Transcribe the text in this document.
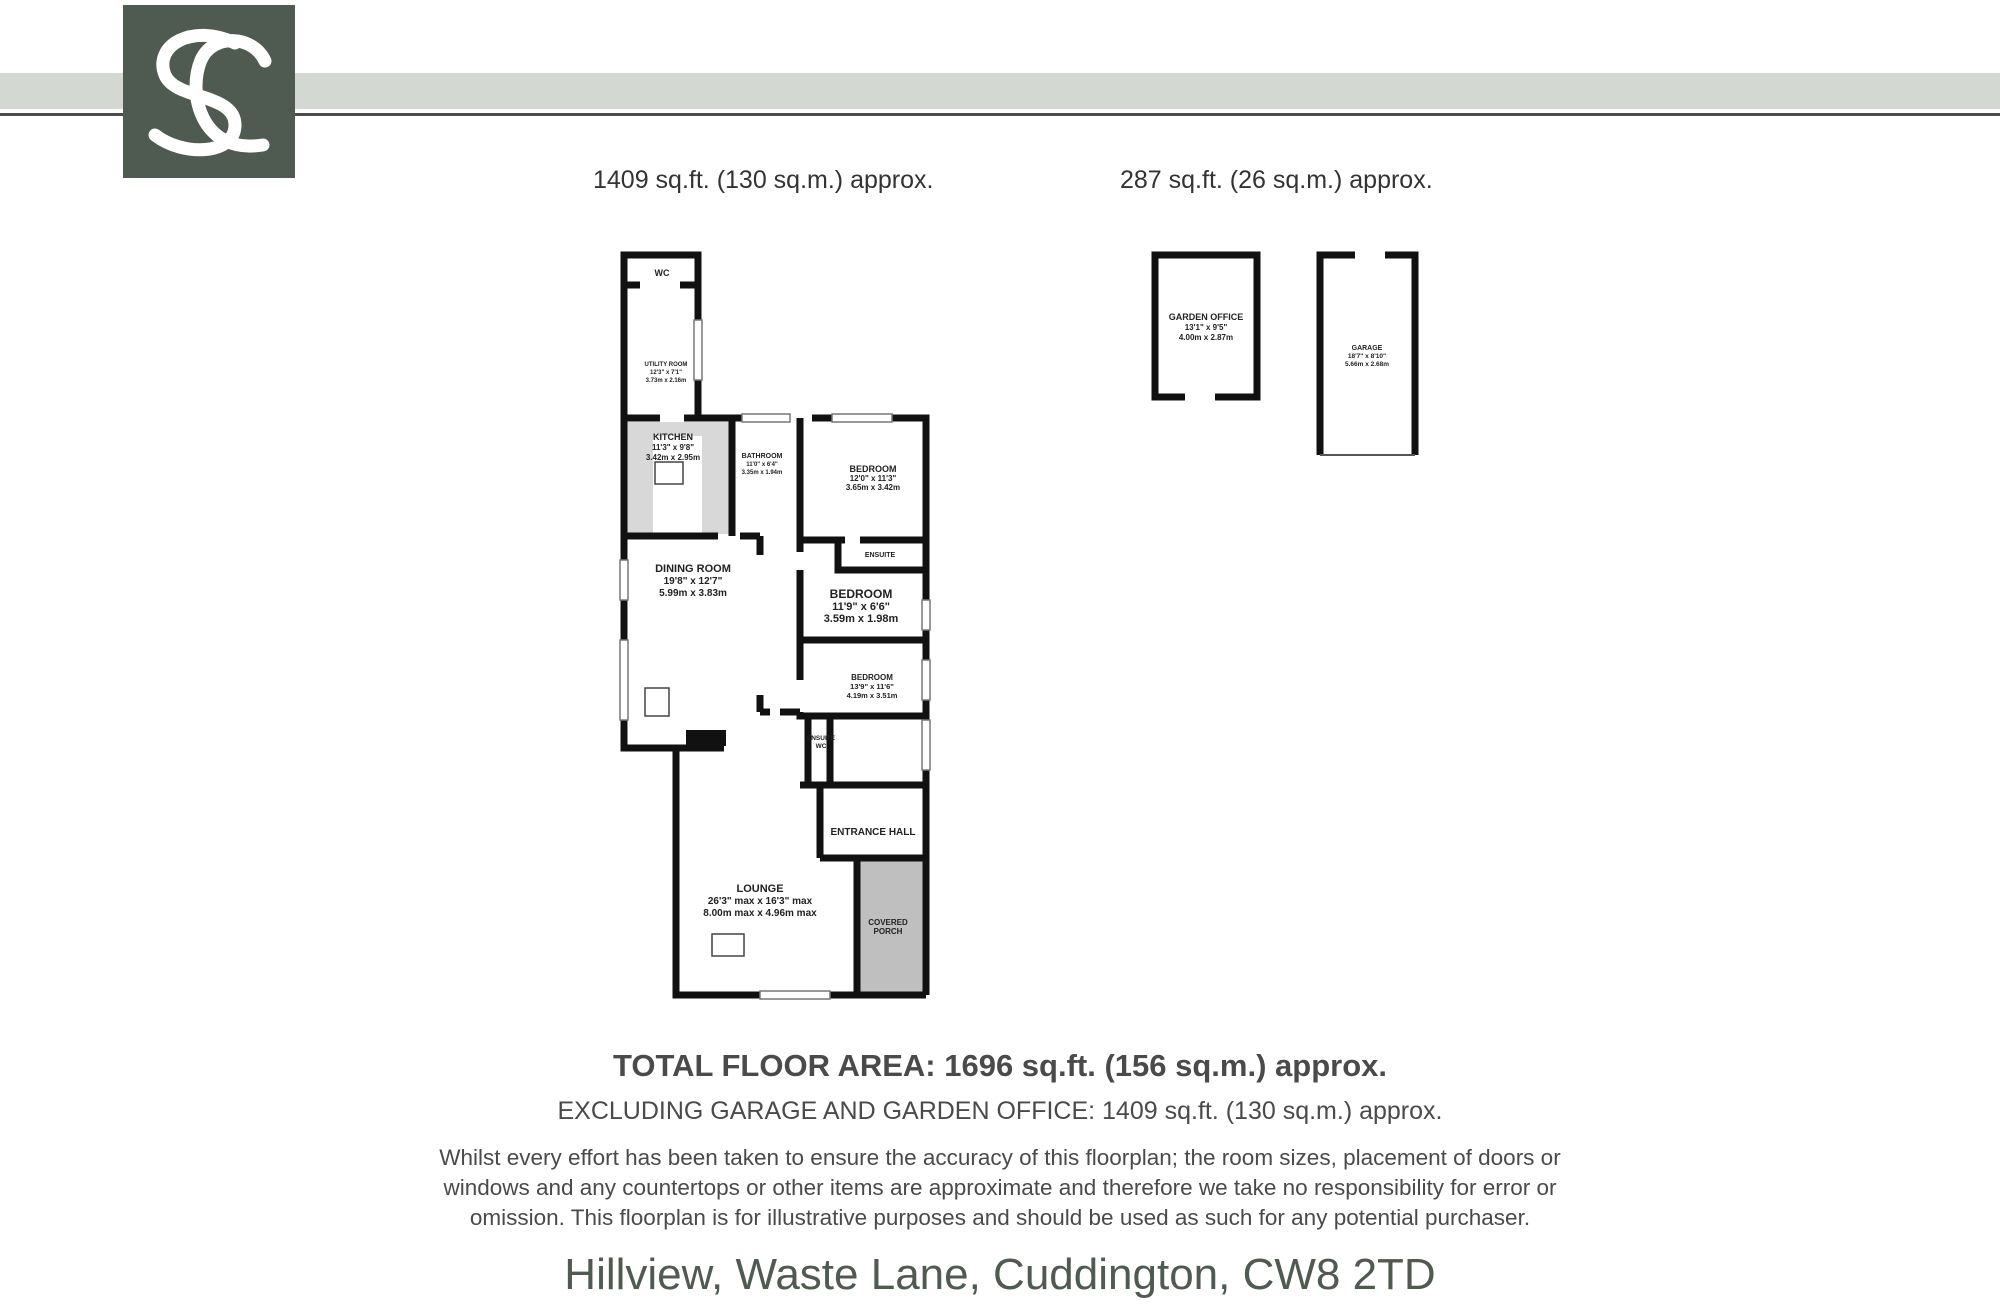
1409 sq.ft. (130 sq.m.) approx.	287 sq.ft. (26 sq.m.) approx.
WC
UTILITY ROOM
12'3" x 7'1"
3.73m x 2.16m
KITCHEN
11'3" x 9'8"
3.42m x 2.95m	BATHROOM
11'0" x 6'4"
3.35m x 1.94m	BEDROOM
12'0" x 11'3"
3.65m x 3.42m
ENSUITE
DINING ROOM
19'8" x 12'7"
5.99m x 3.83m	BEDROOM
11'9" x 6'6"
3.59m x 1.98m
BEDROOM
13'9" x 11'6"
4.19m x 3.51m
ENSUITE
WC
ENTRANCE HALL
LOUNGE
26'3" max x 16'3" max
8.00m max x 4.96m max
COVERED
PORCH
GARDEN OFFICE
13'1" x 9'5"
4.00m x 2.87m
GARAGE
18'7" x 8'10"
5.66m x 2.68m
TOTAL FLOOR AREA: 1696 sq.ft. (156 sq.m.) approx.
EXCLUDING GARAGE AND GARDEN OFFICE: 1409 sq.ft. (130 sq.m.) approx.
Whilst every effort has been taken to ensure the accuracy of this floorplan; the room sizes, placement of doors or windows and any countertops or other items are approximate and therefore we take no responsibility for error or omission. This floorplan is for illustrative purposes and should be used as such for any potential purchaser.
Hillview, Waste Lane, Cuddington, CW8 2TD
